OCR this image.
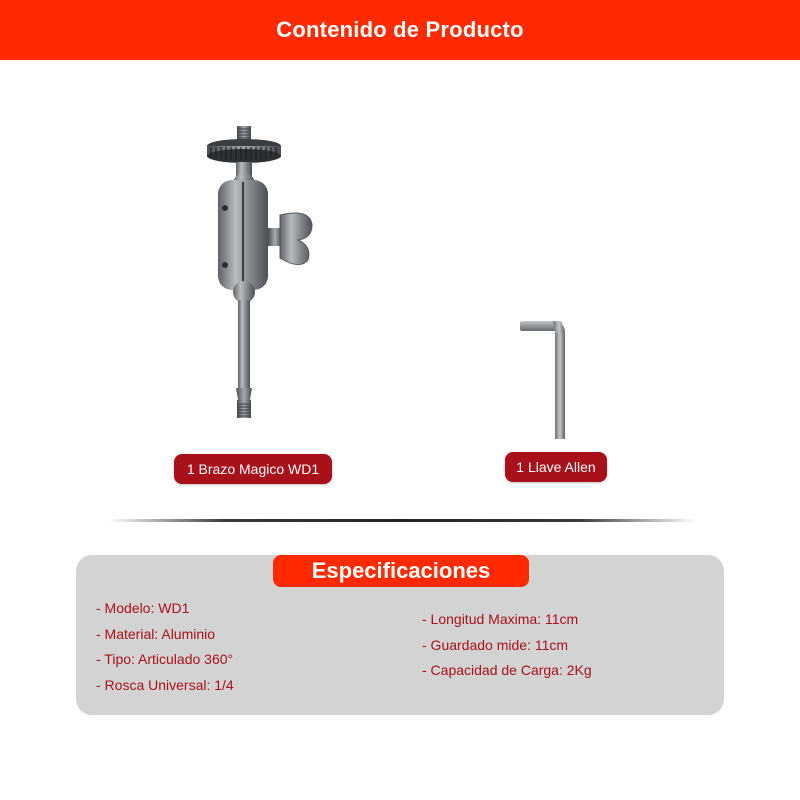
Contenido de Producto
1 Brazo Magico WD1	1 Llave Allen
Especificaciones
- Modelo: WD1
- Material: Aluminio
- Tipo: Articulado 360°
- Rosca Universal: 1/4
- Longitud Maxima: 11cm
- Guardado mide: 11cm
- Capacidad de Carga: 2Kg
